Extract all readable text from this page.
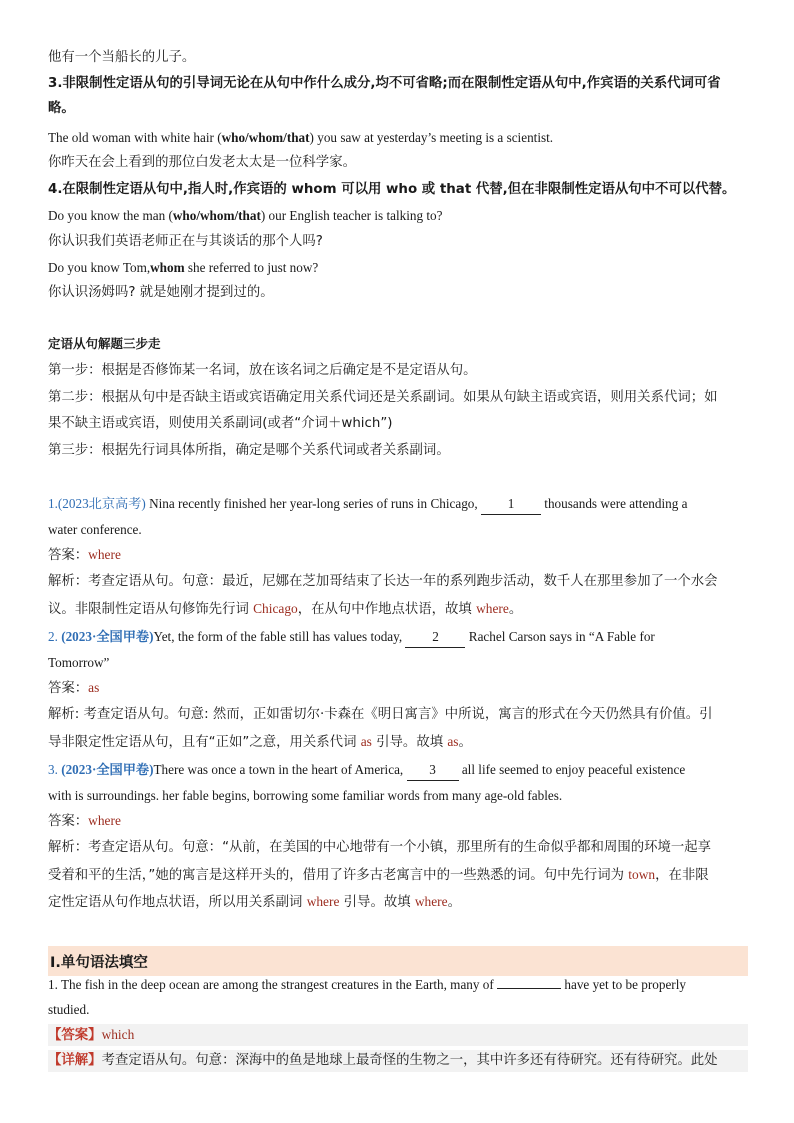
他有一个当船长的儿子。
3.非限制性定语从句的引导词无论在从句中作什么成分,均不可省略;而在限制性定语从句中,作宾语的关系代词可省
略。
The old woman with white hair (who/whom/that) you saw at yesterday’s meeting is a scientist.
你昨天在会上看到的那位白发老太太是一位科学家。
4.在限制性定语从句中,指人时,作宾语的 whom 可以用 who 或 that 代替,但在非限制性定语从句中不可以代替。
Do you know the man (who/whom/that) our English teacher is talking to?
你认识我们英语老师正在与其谈话的那个人吗?
Do you know Tom,whom she referred to just now?
你认识汤姆吗? 就是她刚才提到过的。
定语从句解题三步走
第一步：根据是否修饰某一名词，放在该名词之后确定是不是定语从句。
第二步：根据从句中是否缺主语或宾语确定用关系代词还是关系副词。如果从句缺主语或宾语，则用关系代词；如
果不缺主语或宾语，则使用关系副词(或者“介词＋which”)
第三步：根据先行词具体所指，确定是哪个关系代词或者关系副词。
1.(2023北京高考) Nina recently finished her year-long series of runs in Chicago, 1 thousands were attending a
water conference.
答案：where
解析：考查定语从句。句意：最近，尼娜在芝加哥结束了长达一年的系列跑步活动，数千人在那里参加了一个水会
议。非限制性定语从句修饰先行词 Chicago，在从句中作地点状语，故填 where。
2. (2023·全国甲卷)Yet, the form of the fable still has values today, 2 Rachel Carson says in “A Fable for
Tomorrow”
答案：as
解析: 考查定语从句。句意: 然而，正如雷切尔·卡森在《明日寓言》中所说，寓言的形式在今天仍然具有价值。引
导非限定性定语从句，且有“正如”之意，用关系代词 as 引导。故填 as。
3. (2023·全国甲卷)There was once a town in the heart of America, 3 all life seemed to enjoy peaceful existence
with is surroundings. her fable begins, borrowing some familiar words from many age-old fables.
答案：where
解析：考查定语从句。句意：“从前，在美国的中心地带有一个小镇，那里所有的生命似乎都和周围的环境一起享
受着和平的生活，”她的寓言是这样开头的，借用了许多古老寓言中的一些熟悉的词。句中先行词为 town，在非限
定性定语从句作地点状语，所以用关系副词 where 引导。故填 where。
I.单句语法填空
1. The fish in the deep ocean are among the strangest creatures in the Earth, many of	have yet to be properly
studied.
【答案】which
【详解】考查定语从句。句意：深海中的鱼是地球上最奇怪的生物之一，其中许多还有待研究。还有待研究。此处
